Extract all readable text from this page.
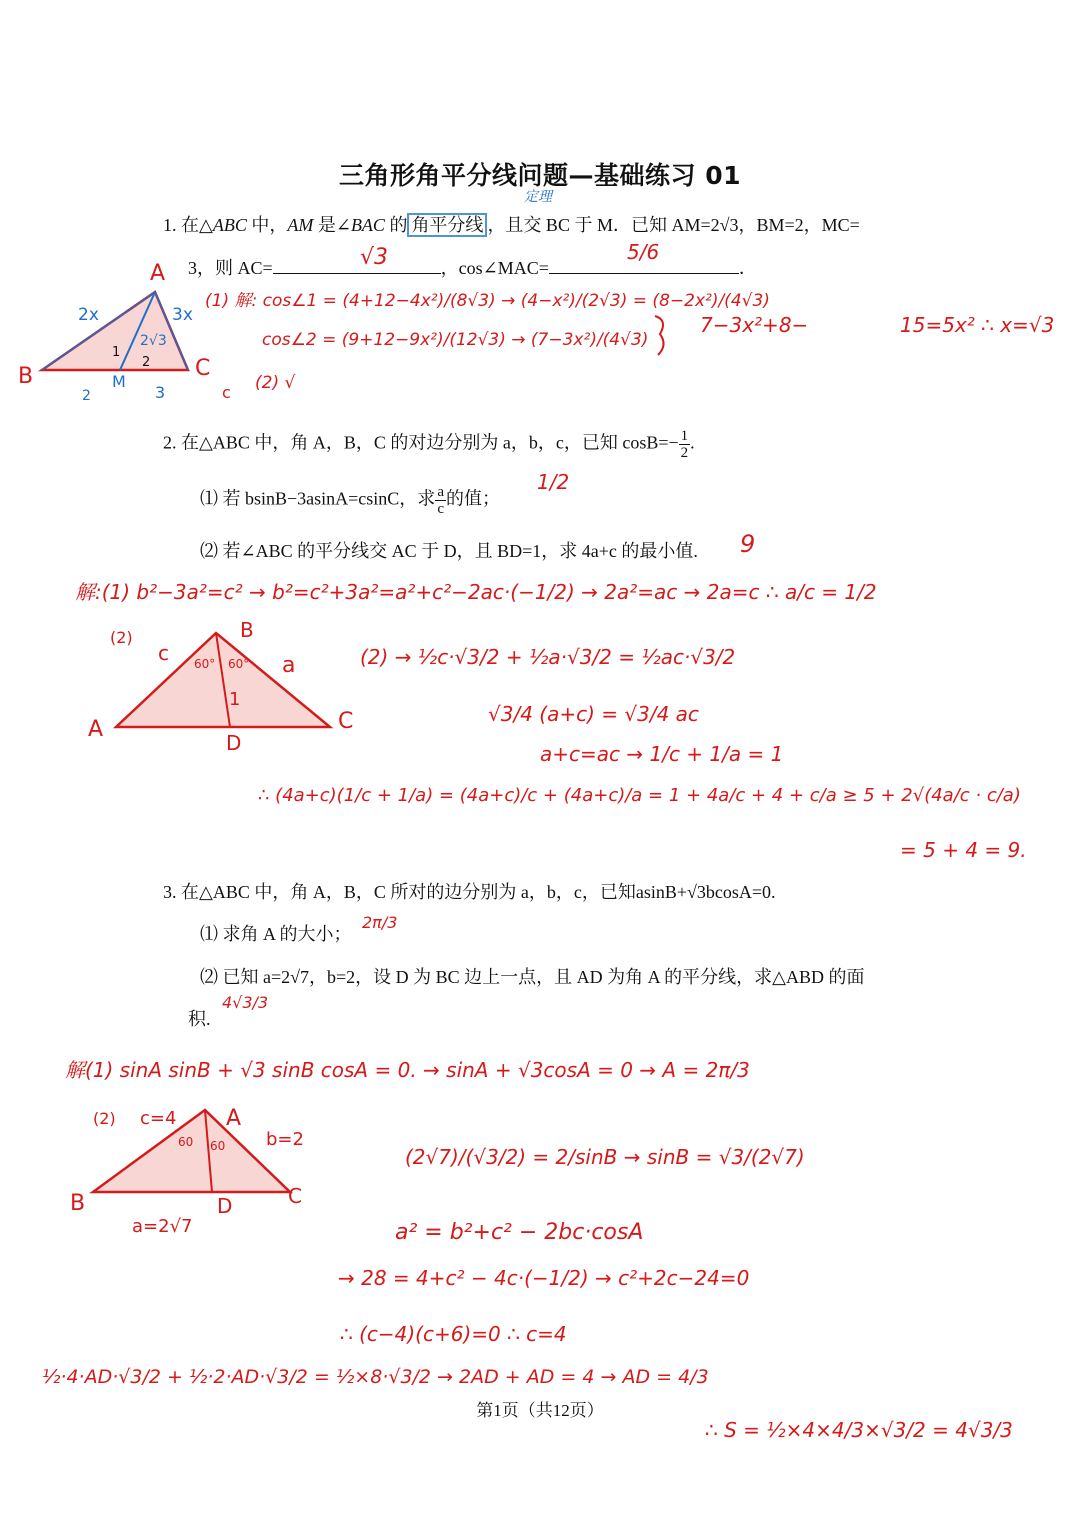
三角形角平分线问题—基础练习 01
1. 在△ABC 中，AM 是∠BAC 的 角平分线 ，且交 BC 于 M．已知 AM=2√3，BM=2，MC=
定理
3，则 AC=	，cos∠MAC=	．
√3	5/6
(1) 解: cos∠1 = (4+12−4x²)/(8√3) → (4−x²)/(2√3) = (8−2x²)/(4√3)
cos∠2 = (9+12−9x²)/(12√3) → (7−3x²)/(4√3)
7−3x²+8−	15=5x² ∴ x=√3
(2) √
2. 在△ABC 中，角 A，B，C 的对边分别为 a，b，c，已知 $\cos B=- \frac{1}{2}$ .
⑴ 若 bsinB−3asinA=csinC，求 $\frac{a}{c}$ 的值；
1/2
⑵ 若∠ABC 的平分线交 AC 于 D，且 BD=1，求 4a+c 的最小值. 9
解:(1) b²−3a²=c² → b²=c²+3a²=a²+c²−2ac·(−1/2) → 2a²=ac → 2a=c ∴ a/c = 1/2
(2) → ½c·√3/2 + ½a·√3/2 = ½ac·√3/2
√3/4 (a+c) = √3/4 ac
a+c=ac → 1/c + 1/a = 1
∴ (4a+c)(1/c + 1/a) = (4a+c)/c + (4a+c)/a = 1 + 4a/c + 4 + c/a ≥ 5 + 2√(4a/c · c/a)
= 5 + 4 = 9.
3. 在△ABC 中，角 A，B，C 所对的边分别为 a，b，c，已知asinB+√3bcosA=0.
⑴ 求角 A 的大小；
2π/3
⑵ 已知 a=2√7，b=2，设 D 为 BC 边上一点，且 AD 为角 A 的平分线，求△ABD 的面
积.
4√3/3
解(1) sinA sinB + √3 sinB cosA = 0. → sinA + √3cosA = 0 → A = 2π/3
(2√7)/(√3/2) = 2/sinB → sinB = √3/(2√7)
a² = b²+c² − 2bc·cosA
→ 28 = 4+c² − 4c·(−1/2) → c²+2c−24=0
∴ (c−4)(c+6)=0 ∴ c=4
½·4·AD·√3/2 + ½·2·AD·√3/2 = ½×8·√3/2 → 2AD + AD = 4 → AD = 4/3
∴ S = ½×4×4/3×√3/2 = 4√3/3
第1页（共12页）
A
B	C
M
2x	3x
2√3
2	3
1
2
c
A
B
C
D
a
c
1
60° 60°
(2)
A
B	C
D
c=4
b=2
a=2√7
60 60
(2)
